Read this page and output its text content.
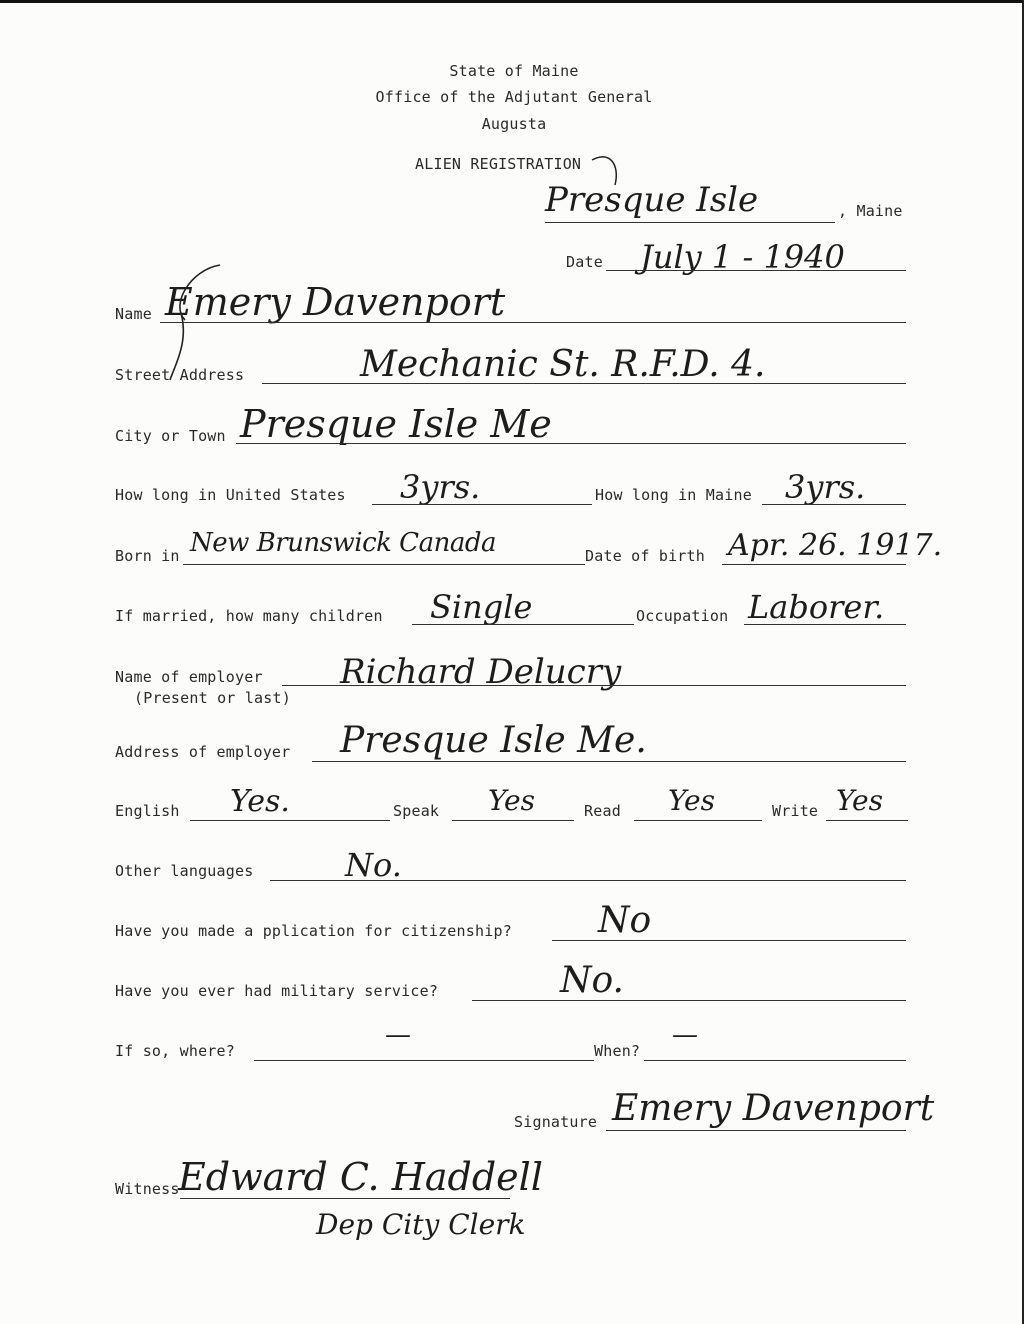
State of Maine
Office of the Adjutant General
Augusta
ALIEN REGISTRATION
Presque Isle	, Maine
Date July 1 - 1940
Name Emery Davenport
Street Address	Mechanic St. R.F.D. 4.
City or Town Presque Isle Me
How long in United States 3yrs.	How long in Maine 3yrs.
Born in New Brunswick Canada	Date of birth Apr. 26. 1917.
If married, how many children Single	Occupation Laborer.
Name of employer
(Present or last)
Richard Delucry
Address of employer Presque Isle Me.
English Yes.	Speak Yes	Read Yes	Write Yes
Other languages	No.
Have you made a pplication for citizenship? No
Have you ever had military service?	No.
If so, where?
—
When?
—
Signature Emery Davenport
Witness
Edward C. Haddell
Dep City Clerk
